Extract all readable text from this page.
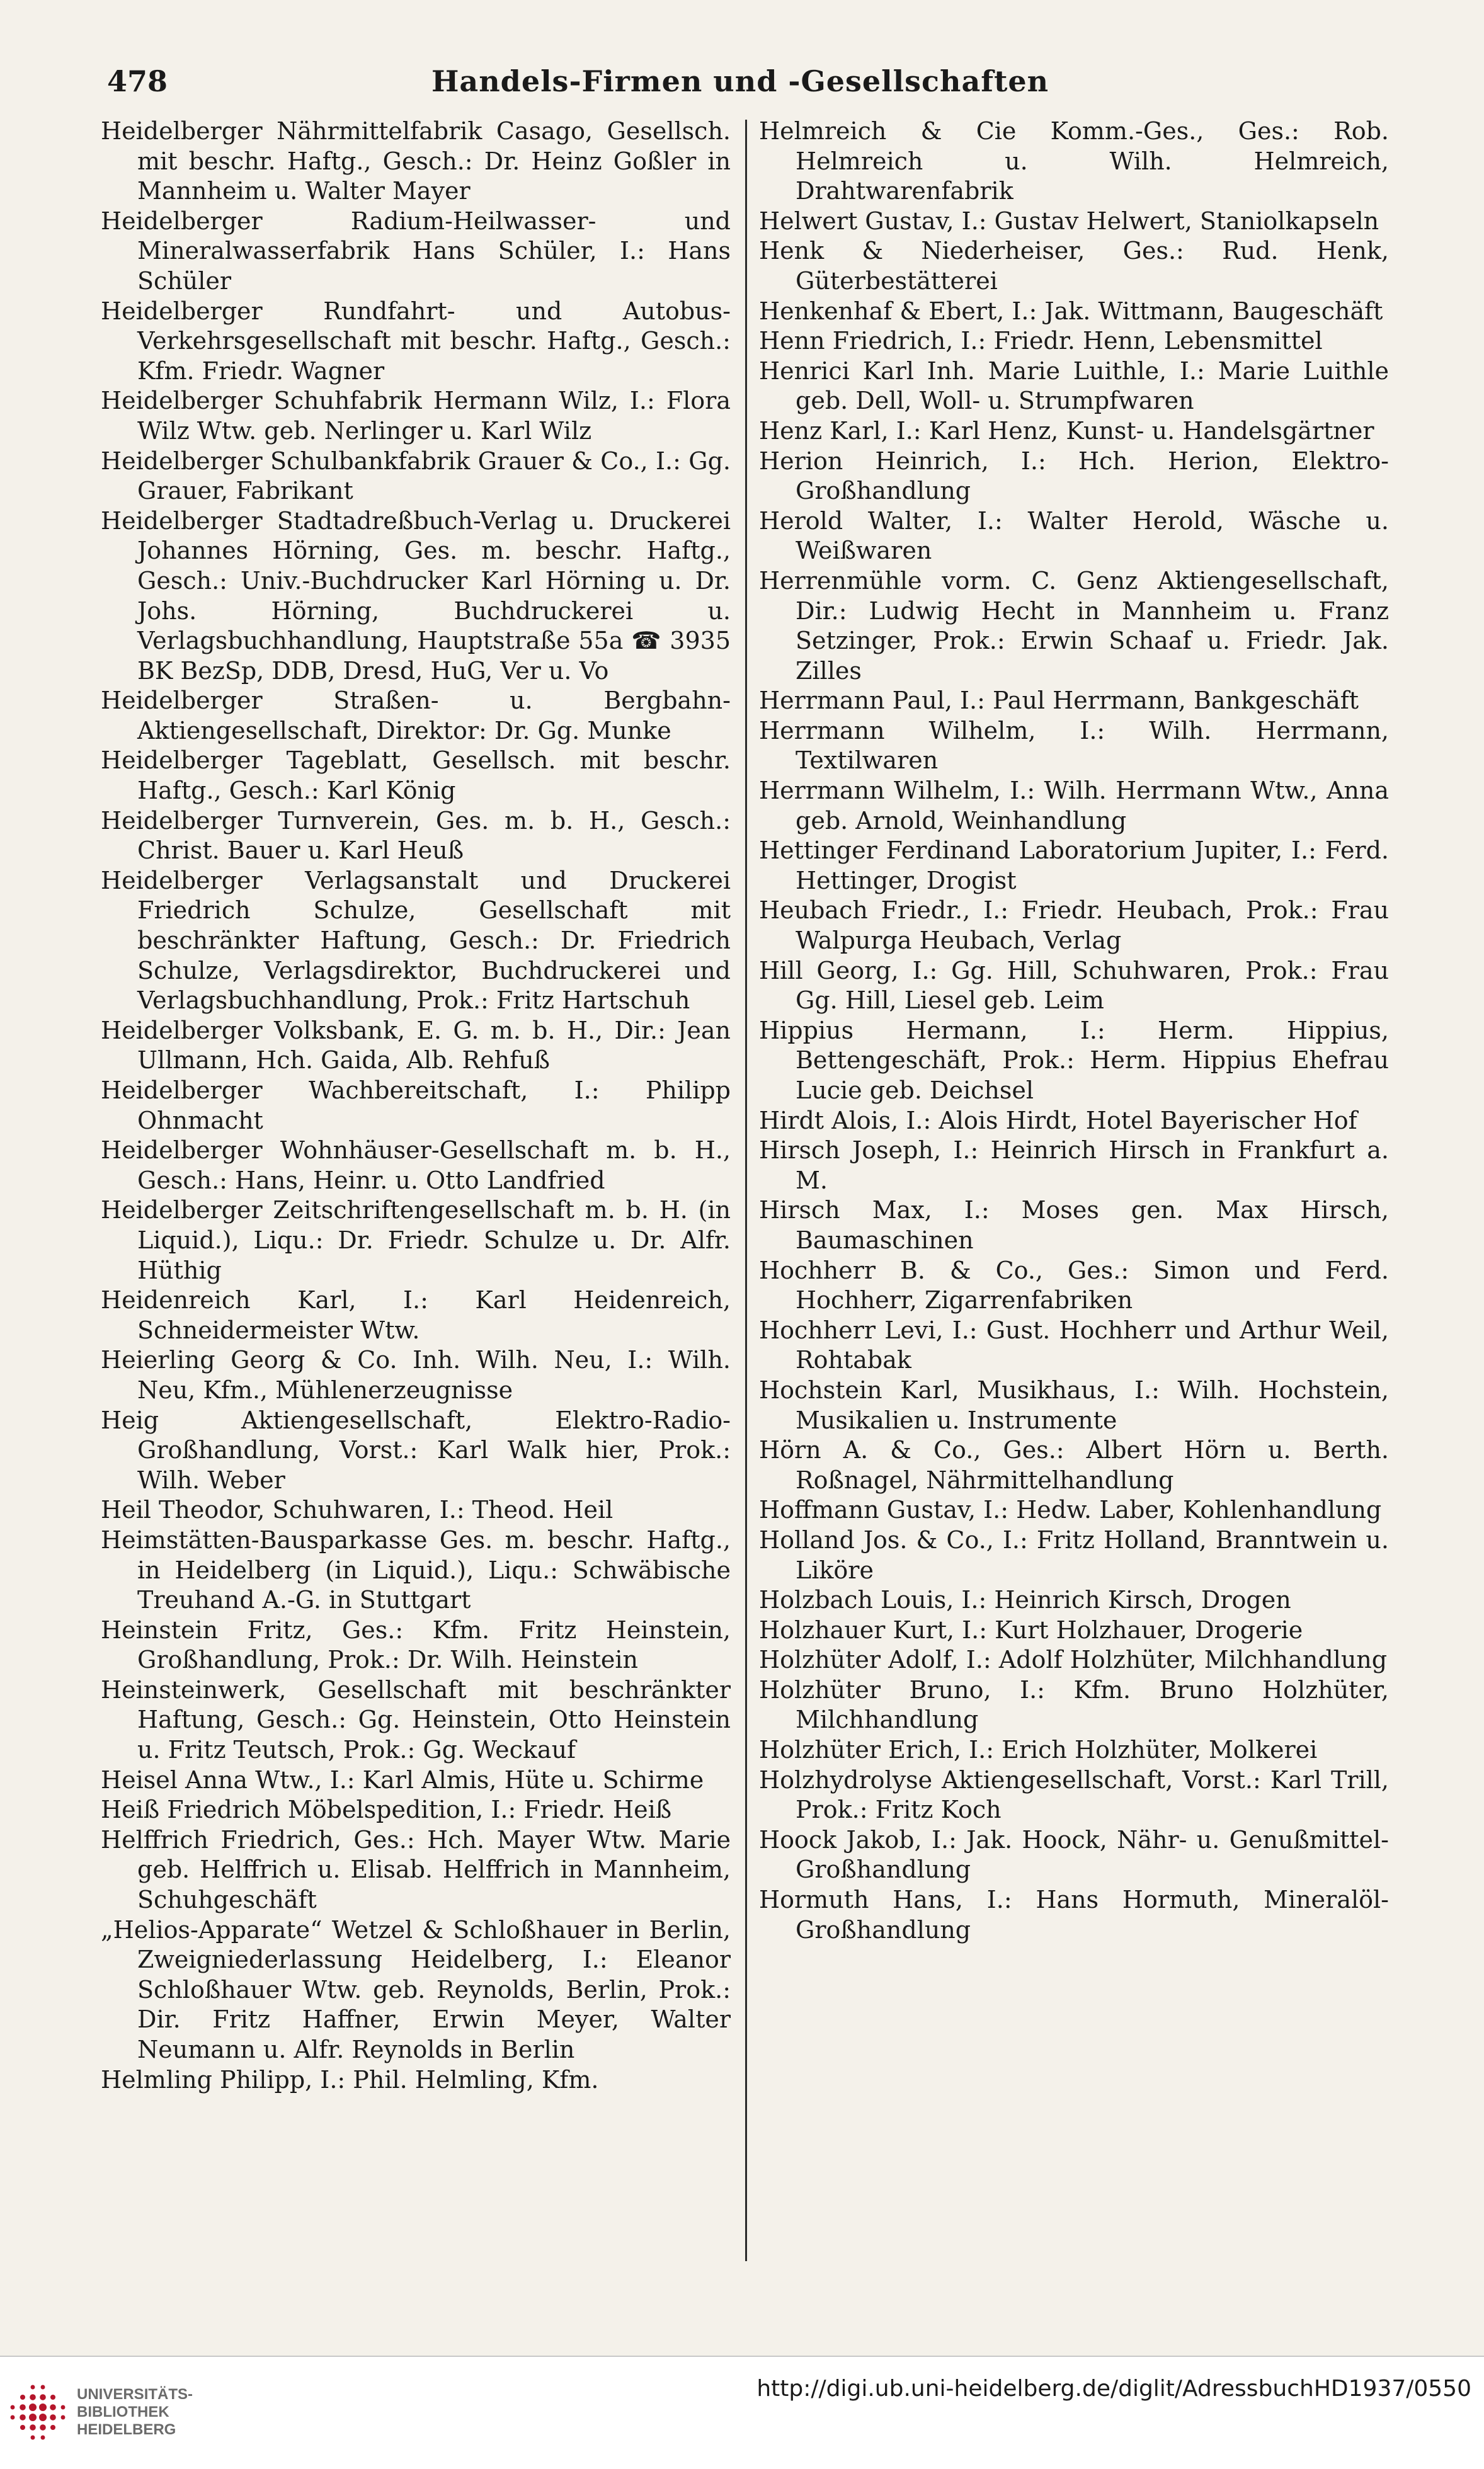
478	Handels-Firmen und -Gesellschaften

Heidelberger Nährmittelfabrik Casago, Gesellsch. mit beschr. Haftg., Gesch.: Dr. Heinz Goßler in Mannheim u. Walter Mayer

Heidelberger Radium-Heilwasser- und Mineralwasserfabrik Hans Schüler, I.: Hans Schüler

Heidelberger Rundfahrt- und Autobus-Verkehrsgesellschaft mit beschr. Haftg., Gesch.: Kfm. Friedr. Wagner

Heidelberger Schuhfabrik Hermann Wilz, I.: Flora Wilz Wtw. geb. Nerlinger u. Karl Wilz

Heidelberger Schulbankfabrik Grauer & Co., I.: Gg. Grauer, Fabrikant

Heidelberger Stadtadreßbuch-Verlag u. Druckerei Johannes Hörning, Ges. m. beschr. Haftg., Gesch.: Univ.-Buchdrucker Karl Hörning u. Dr. Johs. Hörning, Buchdruckerei u. Verlagsbuchhandlung, Hauptstraße 55a ☎ 3935 BK BezSp, DDB, Dresd, HuG, Ver u. Vo

Heidelberger Straßen- u. Bergbahn-Aktiengesellschaft, Direktor: Dr. Gg. Munke

Heidelberger Tageblatt, Gesellsch. mit beschr. Haftg., Gesch.: Karl König

Heidelberger Turnverein, Ges. m. b. H., Gesch.: Christ. Bauer u. Karl Heuß

Heidelberger Verlagsanstalt und Druckerei Friedrich Schulze, Gesellschaft mit beschränkter Haftung, Gesch.: Dr. Friedrich Schulze, Verlagsdirektor, Buchdruckerei und Verlagsbuchhandlung, Prok.: Fritz Hartschuh

Heidelberger Volksbank, E. G. m. b. H., Dir.: Jean Ullmann, Hch. Gaida, Alb. Rehfuß

Heidelberger Wachbereitschaft, I.: Philipp Ohnmacht

Heidelberger Wohnhäuser-Gesellschaft m. b. H., Gesch.: Hans, Heinr. u. Otto Landfried

Heidelberger Zeitschriftengesellschaft m. b. H. (in Liquid.), Liqu.: Dr. Friedr. Schulze u. Dr. Alfr. Hüthig

Heidenreich Karl, I.: Karl Heidenreich, Schneidermeister Wtw.

Heierling Georg & Co. Inh. Wilh. Neu, I.: Wilh. Neu, Kfm., Mühlenerzeugnisse

Heig Aktiengesellschaft, Elektro-Radio-Großhandlung, Vorst.: Karl Walk hier, Prok.: Wilh. Weber

Heil Theodor, Schuhwaren, I.: Theod. Heil

Heimstätten-Bausparkasse Ges. m. beschr. Haftg., in Heidelberg (in Liquid.), Liqu.: Schwäbische Treuhand A.-G. in Stuttgart

Heinstein Fritz, Ges.: Kfm. Fritz Heinstein, Großhandlung, Prok.: Dr. Wilh. Heinstein

Heinsteinwerk, Gesellschaft mit beschränkter Haftung, Gesch.: Gg. Heinstein, Otto Heinstein u. Fritz Teutsch, Prok.: Gg. Weckauf

Heisel Anna Wtw., I.: Karl Almis, Hüte u. Schirme

Heiß Friedrich Möbelspedition, I.: Friedr. Heiß

Helffrich Friedrich, Ges.: Hch. Mayer Wtw. Marie geb. Helffrich u. Elisab. Helffrich in Mannheim, Schuhgeschäft

„Helios-Apparate“ Wetzel & Schloßhauer in Berlin, Zweigniederlassung Heidelberg, I.: Eleanor Schloßhauer Wtw. geb. Reynolds, Berlin, Prok.: Dir. Fritz Haffner, Erwin Meyer, Walter Neumann u. Alfr. Reynolds in Berlin

Helmling Philipp, I.: Phil. Helmling, Kfm.

Helmreich & Cie Komm.-Ges., Ges.: Rob. Helmreich u. Wilh. Helmreich, Drahtwarenfabrik

Helwert Gustav, I.: Gustav Helwert, Staniolkapseln

Henk & Niederheiser, Ges.: Rud. Henk, Güterbestätterei

Henkenhaf & Ebert, I.: Jak. Wittmann, Baugeschäft

Henn Friedrich, I.: Friedr. Henn, Lebensmittel

Henrici Karl Inh. Marie Luithle, I.: Marie Luithle geb. Dell, Woll- u. Strumpfwaren

Henz Karl, I.: Karl Henz, Kunst- u. Handelsgärtner

Herion Heinrich, I.: Hch. Herion, Elektro-Großhandlung

Herold Walter, I.: Walter Herold, Wäsche u. Weißwaren

Herrenmühle vorm. C. Genz Aktiengesellschaft, Dir.: Ludwig Hecht in Mannheim u. Franz Setzinger, Prok.: Erwin Schaaf u. Friedr. Jak. Zilles

Herrmann Paul, I.: Paul Herrmann, Bankgeschäft

Herrmann Wilhelm, I.: Wilh. Herrmann, Textilwaren

Herrmann Wilhelm, I.: Wilh. Herrmann Wtw., Anna geb. Arnold, Weinhandlung

Hettinger Ferdinand Laboratorium Jupiter, I.: Ferd. Hettinger, Drogist

Heubach Friedr., I.: Friedr. Heubach, Prok.: Frau Walpurga Heubach, Verlag

Hill Georg, I.: Gg. Hill, Schuhwaren, Prok.: Frau Gg. Hill, Liesel geb. Leim

Hippius Hermann, I.: Herm. Hippius, Bettengeschäft, Prok.: Herm. Hippius Ehefrau Lucie geb. Deichsel

Hirdt Alois, I.: Alois Hirdt, Hotel Bayerischer Hof

Hirsch Joseph, I.: Heinrich Hirsch in Frankfurt a. M.

Hirsch Max, I.: Moses gen. Max Hirsch, Baumaschinen

Hochherr B. & Co., Ges.: Simon und Ferd. Hochherr, Zigarrenfabriken

Hochherr Levi, I.: Gust. Hochherr und Arthur Weil, Rohtabak

Hochstein Karl, Musikhaus, I.: Wilh. Hochstein, Musikalien u. Instrumente

Hörn A. & Co., Ges.: Albert Hörn u. Berth. Roßnagel, Nährmittelhandlung

Hoffmann Gustav, I.: Hedw. Laber, Kohlenhandlung

Holland Jos. & Co., I.: Fritz Holland, Branntwein u. Liköre

Holzbach Louis, I.: Heinrich Kirsch, Drogen

Holzhauer Kurt, I.: Kurt Holzhauer, Drogerie

Holzhüter Adolf, I.: Adolf Holzhüter, Milchhandlung

Holzhüter Bruno, I.: Kfm. Bruno Holzhüter, Milchhandlung

Holzhüter Erich, I.: Erich Holzhüter, Molkerei

Holzhydrolyse Aktiengesellschaft, Vorst.: Karl Trill, Prok.: Fritz Koch

Hoock Jakob, I.: Jak. Hoock, Nähr- u. Genußmittel-Großhandlung

Hormuth Hans, I.: Hans Hormuth, Mineralöl-Großhandlung

UNIVERSITÄTS-
BIBLIOTHEK
HEIDELBERG
http://digi.ub.uni-heidelberg.de/diglit/AdressbuchHD1937/0550
